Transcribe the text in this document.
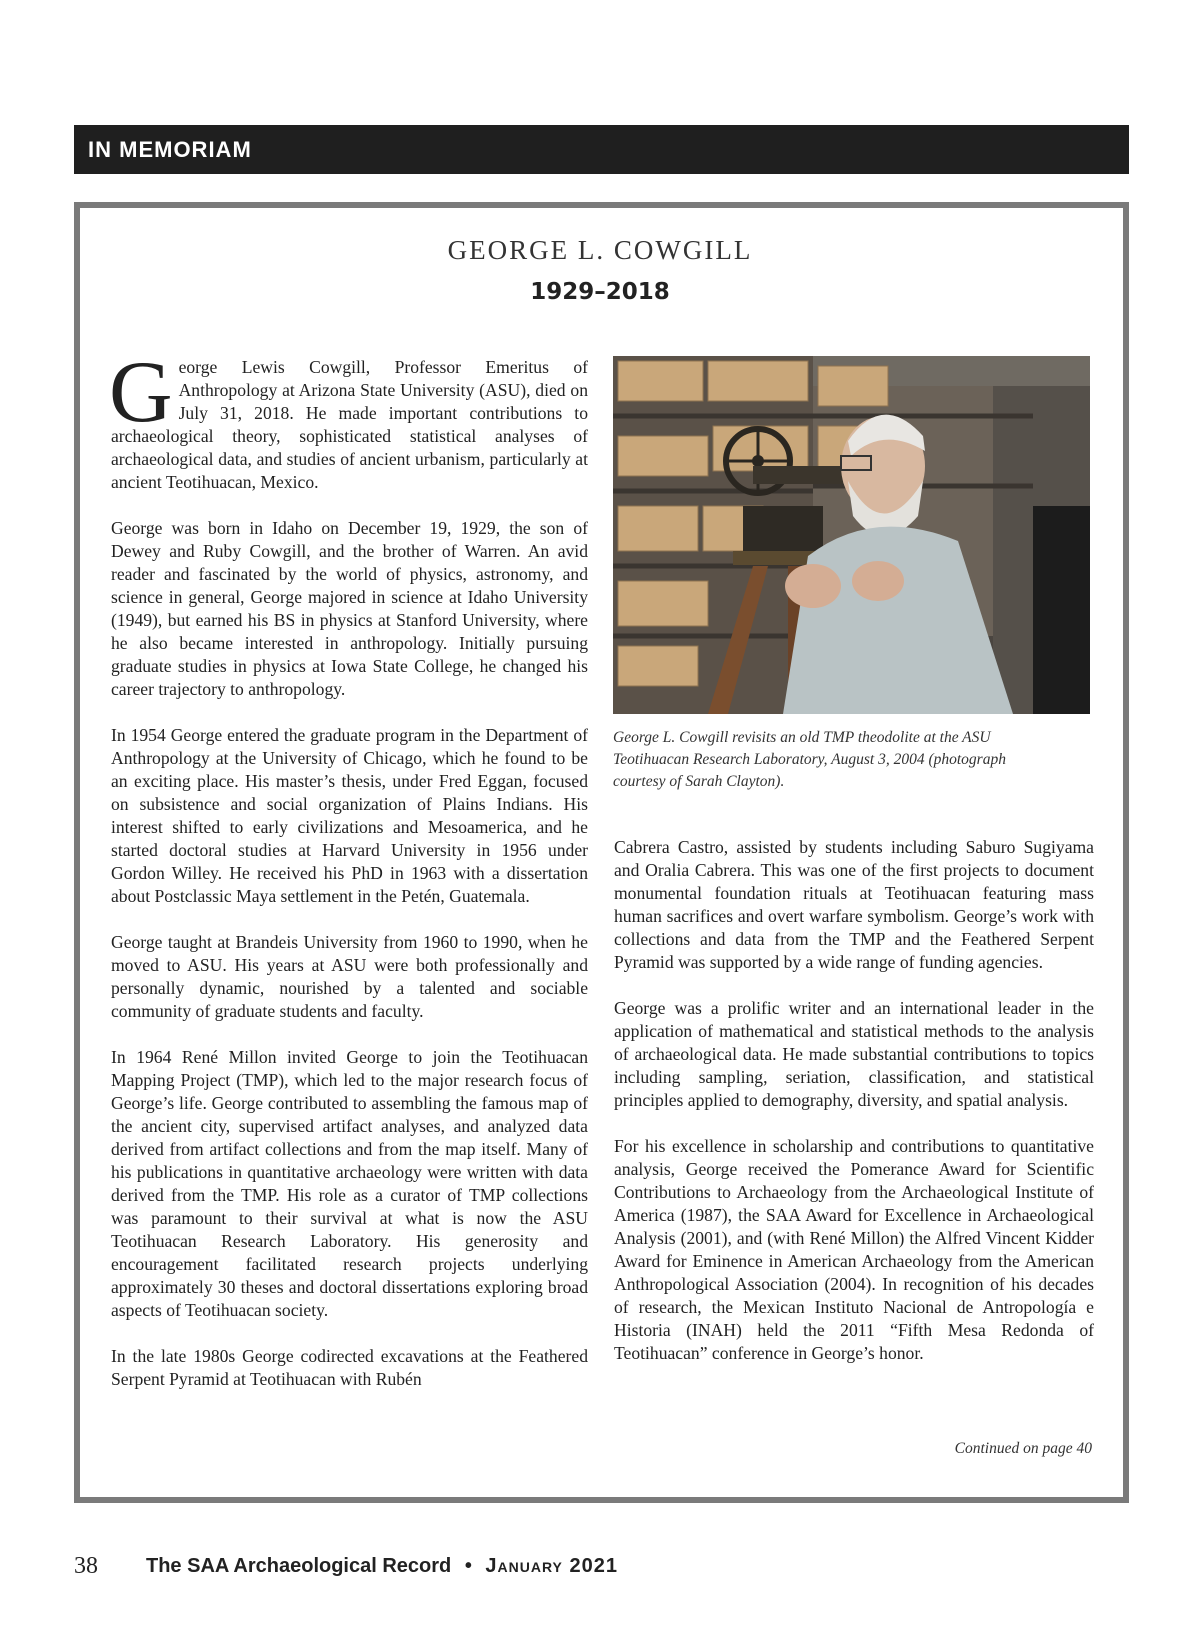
IN MEMORIAM
GEORGE L. COWGILL
1929–2018

George Lewis Cowgill, Professor Emeritus of Anthropology at Arizona State University (ASU), died on July 31, 2018. He made important contributions to archaeological theory, sophisticated statistical analyses of archaeological data, and studies of ancient urbanism, particularly at ancient Teotihuacan, Mexico.

George was born in Idaho on December 19, 1929, the son of Dewey and Ruby Cowgill, and the brother of Warren. An avid reader and fascinated by the world of physics, astronomy, and science in general, George majored in science at Idaho University (1949), but earned his BS in physics at Stanford University, where he also became interested in anthropology. Initially pursuing graduate studies in physics at Iowa State College, he changed his career trajectory to anthropology.

In 1954 George entered the graduate program in the Department of Anthropology at the University of Chicago, which he found to be an exciting place. His master’s thesis, under Fred Eggan, focused on subsistence and social organization of Plains Indians. His interest shifted to early civilizations and Mesoamerica, and he started doctoral studies at Harvard University in 1956 under Gordon Willey. He received his PhD in 1963 with a dissertation about Postclassic Maya settlement in the Petén, Guatemala.

George taught at Brandeis University from 1960 to 1990, when he moved to ASU. His years at ASU were both professionally and personally dynamic, nourished by a talented and sociable community of graduate students and faculty.

In 1964 René Millon invited George to join the Teotihuacan Mapping Project (TMP), which led to the major research focus of George’s life. George contributed to assembling the famous map of the ancient city, supervised artifact analyses, and analyzed data derived from artifact collections and from the map itself. Many of his publications in quantitative archaeology were written with data derived from the TMP. His role as a curator of TMP collections was paramount to their survival at what is now the ASU Teotihuacan Research Laboratory. His generosity and encouragement facilitated research projects underlying approximately 30 theses and doctoral dissertations exploring broad aspects of Teotihuacan society.

In the late 1980s George codirected excavations at the Feathered Serpent Pyramid at Teotihuacan with Rubén

George L. Cowgill revisits an old TMP theodolite at the ASU Teotihuacan Research Laboratory, August 3, 2004 (photograph courtesy of Sarah Clayton).

Cabrera Castro, assisted by students including Saburo Sugiyama and Oralia Cabrera. This was one of the first projects to document monumental foundation rituals at Teotihuacan featuring mass human sacrifices and overt warfare symbolism. George’s work with collections and data from the TMP and the Feathered Serpent Pyramid was supported by a wide range of funding agencies.

George was a prolific writer and an international leader in the application of mathematical and statistical methods to the analysis of archaeological data. He made substantial contributions to topics including sampling, seriation, classification, and statistical principles applied to demography, diversity, and spatial analysis.

For his excellence in scholarship and contributions to quantitative analysis, George received the Pomerance Award for Scientific Contributions to Archaeology from the Archaeological Institute of America (1987), the SAA Award for Excellence in Archaeological Analysis (2001), and (with René Millon) the Alfred Vincent Kidder Award for Eminence in American Archaeology from the American Anthropological Association (2004). In recognition of his decades of research, the Mexican Instituto Nacional de Antropología e Historia (INAH) held the 2011 “Fifth Mesa Redonda of Teotihuacan” conference in George’s honor.

Continued on page 40
38 The SAA Archaeological Record • January 2021
